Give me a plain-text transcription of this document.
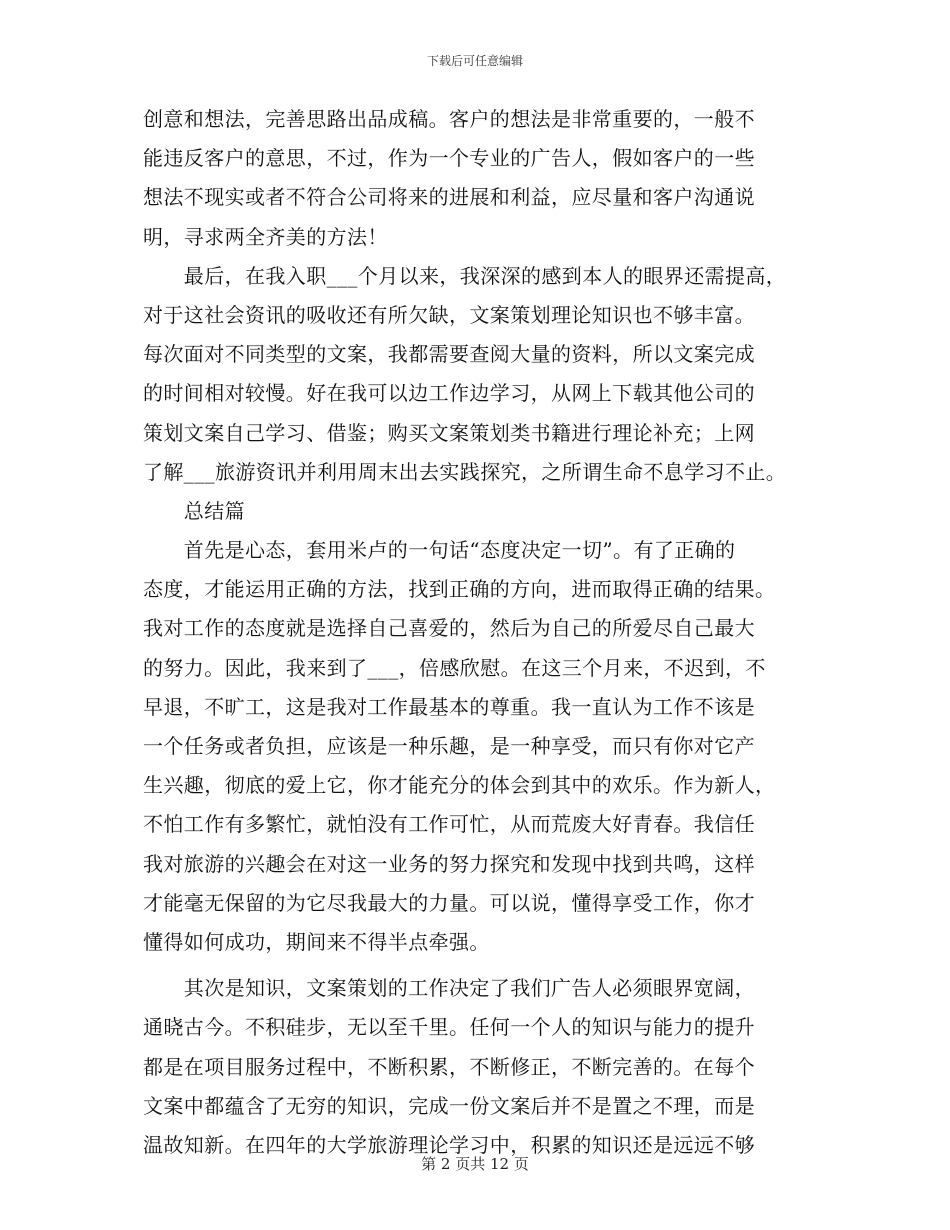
下载后可任意编辑
创意和想法，完善思路出品成稿。客户的想法是非常重要的，一般不
能违反客户的意思，不过，作为一个专业的广告人，假如客户的一些
想法不现实或者不符合公司将来的进展和利益，应尽量和客户沟通说
明，寻求两全齐美的方法！
　　最后，在我入职___个月以来，我深深的感到本人的眼界还需提高，
对于这社会资讯的吸收还有所欠缺，文案策划理论知识也不够丰富。
每次面对不同类型的文案，我都需要查阅大量的资料，所以文案完成
的时间相对较慢。好在我可以边工作边学习，从网上下载其他公司的
策划文案自己学习、借鉴；购买文案策划类书籍进行理论补充；上网
了解___旅游资讯并利用周末出去实践探究，之所谓生命不息学习不止。
　　总结篇
　　首先是心态，套用米卢的一句话“态度决定一切”。有了正确的
态度，才能运用正确的方法，找到正确的方向，进而取得正确的结果。
我对工作的态度就是选择自己喜爱的，然后为自己的所爱尽自己最大
的努力。因此，我来到了___，倍感欣慰。在这三个月来，不迟到，不
早退，不旷工，这是我对工作最基本的尊重。我一直认为工作不该是
一个任务或者负担，应该是一种乐趣，是一种享受，而只有你对它产
生兴趣，彻底的爱上它，你才能充分的体会到其中的欢乐。作为新人，
不怕工作有多繁忙，就怕没有工作可忙，从而荒废大好青春。我信任
我对旅游的兴趣会在对这一业务的努力探究和发现中找到共鸣，这样
才能毫无保留的为它尽我最大的力量。可以说，懂得享受工作，你才
懂得如何成功，期间来不得半点牵强。
　　其次是知识，文案策划的工作决定了我们广告人必须眼界宽阔，
通晓古今。不积硅步，无以至千里。任何一个人的知识与能力的提升
都是在项目服务过程中，不断积累，不断修正，不断完善的。在每个
文案中都蕴含了无穷的知识，完成一份文案后并不是置之不理，而是
温故知新。在四年的大学旅游理论学习中，积累的知识还是远远不够
第 2 页共 12 页
